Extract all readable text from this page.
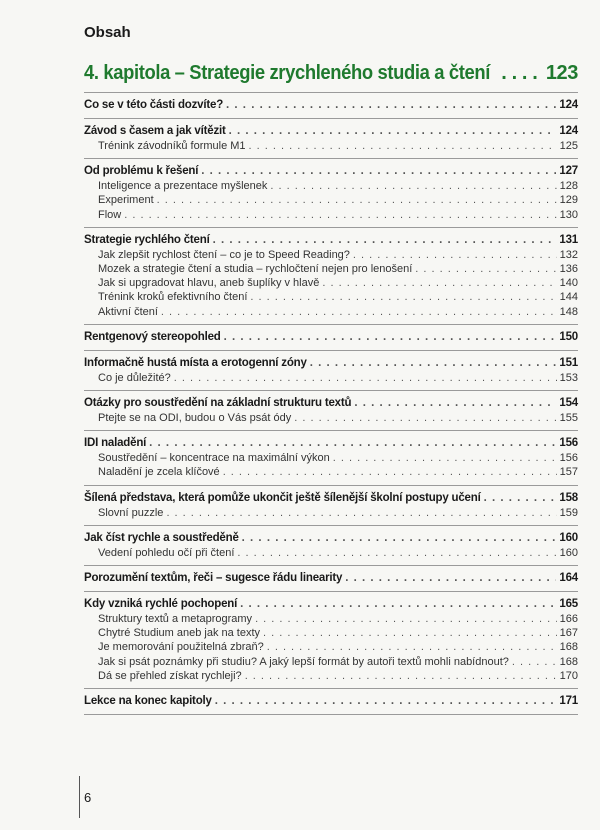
Obsah
4. kapitola – Strategie zrychleného studia a čtení . . .	123
Co se v této části dozvíte? . . .	124
Závod s časem a jak vítězit . . .	124
Trénink závodníků formule M1 . . .	125
Od problému k řešení . . .	127
Inteligence a prezentace myšlenek . . .	128
Experiment . . .	129
Flow . . .	130
Strategie rychlého čtení . . .	131
Jak zlepšit rychlost čtení – co je to Speed Reading? . . .	132
Mozek a strategie čtení a studia – rychločtení nejen pro lenošení . . .	136
Jak si upgradovat hlavu, aneb šuplíky v hlavě . . .	140
Trénink kroků efektivního čtení . . .	144
Aktivní čtení . . .	148
Rentgenový stereopohled . . .	150
Informačně hustá místa a erotogenní zóny . . .	151
Co je důležité? . . .	153
Otázky pro soustředění na základní strukturu textů . . .	154
Ptejte se na ODI, budou o Vás psát ódy . . .	155
IDI naladění . . .	156
Soustředění – koncentrace na maximální výkon . . .	156
Naladění je zcela klíčové . . .	157
Šílená představa, která pomůže ukončit ještě šílenější školní postupy učení . . .	158
Slovní puzzle . . .	159
Jak číst rychle a soustředěně . . .	160
Vedení pohledu očí při čtení . . .	160
Porozumění textům, řeči – sugesce řádu linearity . . .	164
Kdy vzniká rychlé pochopení . . .	165
Struktury textů a metaprogramy . . .	166
Chytré Studium aneb jak na texty . . .	167
Je memorování použitelná zbraň? . . .	168
Jak si psát poznámky při studiu? A jaký lepší formát by autoři textů mohli nabídnout? . . .	168
Dá se přehled získat rychleji? . . .	170
Lekce na konec kapitoly . . .	171
6
